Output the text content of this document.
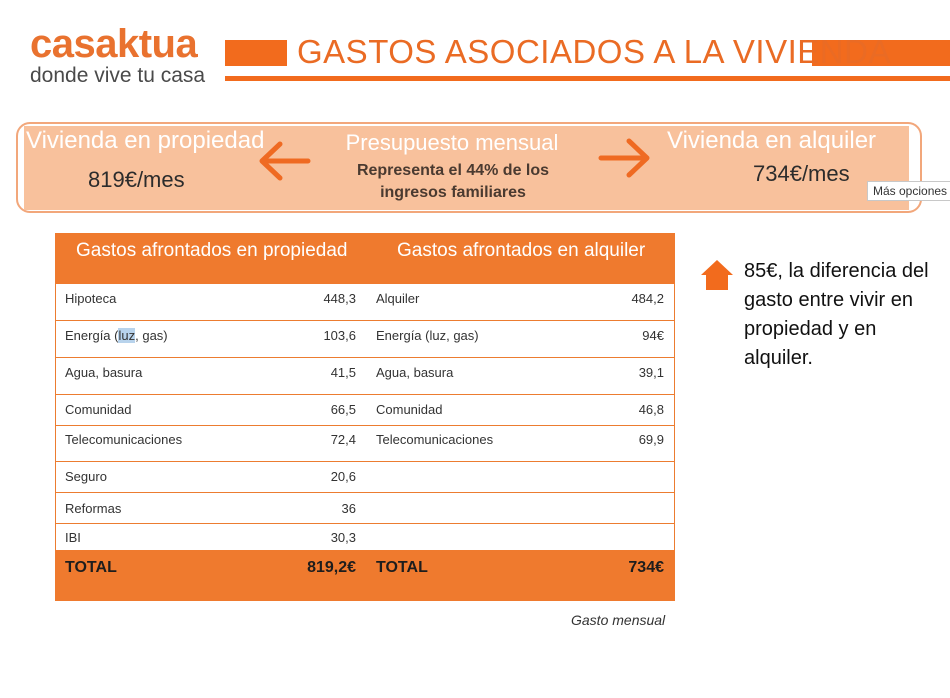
casaktua
donde vive tu casa
GASTOS ASOCIADOS A LA VIVIENDA
Vivienda en propiedad
819€/mes
Presupuesto mensual
Representa el 44% de los ingresos familiares
Vivienda en alquiler
734€/mes
Más opciones
Gastos afrontados en propiedad	Gastos afrontados en alquiler
Hipoteca	448,3 Alquiler	484,2
Energía (luz, gas)	103,6 Energía (luz, gas)	94€
Agua, basura	41,5 Agua, basura	39,1
Comunidad	66,5 Comunidad	46,8
Telecomunicaciones	72,4 Telecomunicaciones	69,9
Seguro	20,6
Reformas	36
IBI	30,3
TOTAL	819,2€ TOTAL	734€
Gasto mensual
85€, la diferencia del gasto entre vivir en propiedad y en alquiler.
